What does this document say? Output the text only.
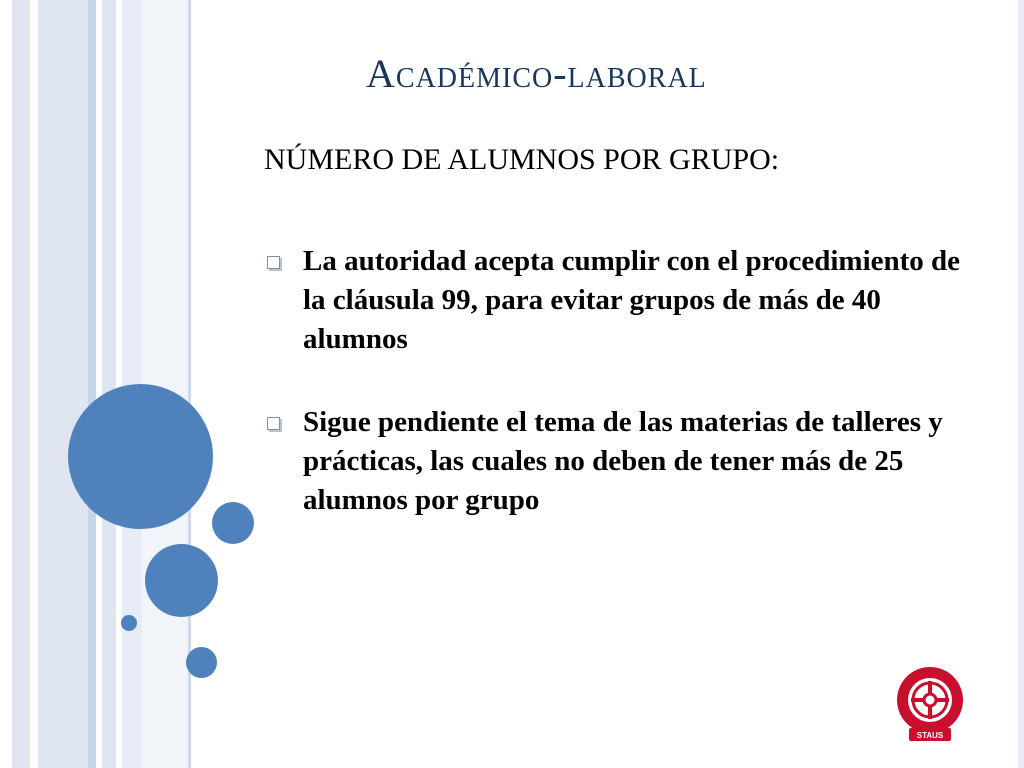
Académico-laboral
NÚMERO DE ALUMNOS POR GRUPO:
La autoridad acepta cumplir con el procedimiento de la cláusula 99, para evitar grupos de más de 40 alumnos
Sigue pendiente el tema de las materias de talleres y prácticas, las cuales no deben de tener más de 25 alumnos por grupo
STAUS
